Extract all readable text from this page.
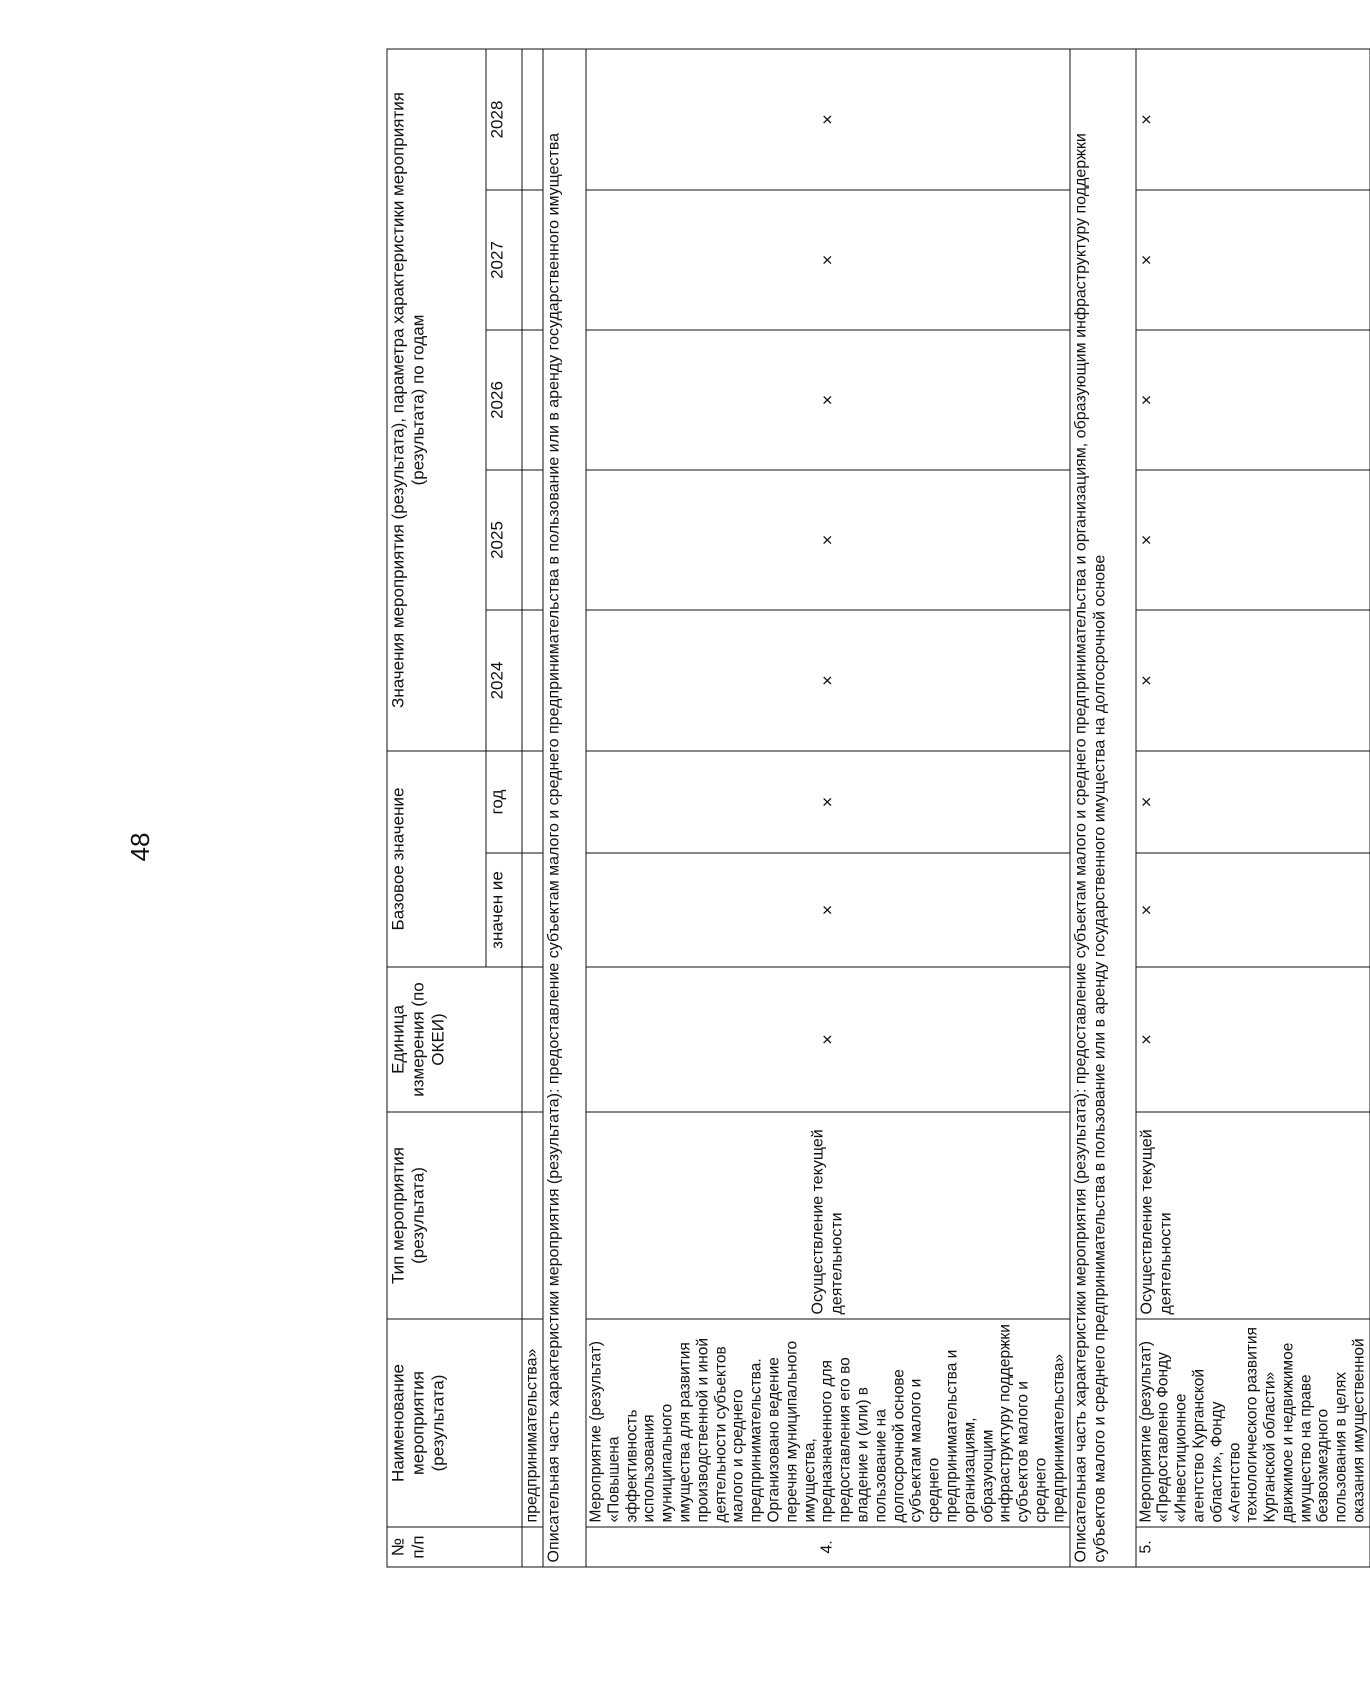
48
№ п/п	Наименование мероприятия (результата)	Тип мероприятия (результата)	Единица измерения (по ОКЕИ)	Базовое значение		Значения мероприятия (результата), параметра характеристики мероприятия (результата) по годам				
				значен ие	год	2024	2025	2026	2027	2028
	предпринимательства»									
Описательная часть характеристики мероприятия (результата): предоставление субъектам малого и среднего предпринимательства в пользование или в аренду государственного имущества										
4.	Мероприятие (результат) «Повышена эффективность использования муниципального имущества для развития производственной и иной деятельности субъектов малого и среднего предпринимательства. Организовано ведение перечня муниципального имущества, предназначенного для предоставления его во владение и (или) в пользование на долгосрочной основе субъектам малого и среднего предпринимательства и организациям, образующим инфраструктуру поддержки субъектов малого и среднего предпринимательства»	Осуществление текущей деятельности	×	×	×	×	×	×	×	×
Описательная часть характеристики мероприятия (результата): предоставление субъектам малого и среднего предпринимательства и организациям, образующим инфраструктуру поддержки субъектов малого и среднего предпринимательства в пользование или в аренду государственного имущества на долгосрочной основе										
5.	Мероприятие (результат) «Предоставлено Фонду «Инвестиционное агентство Курганской области», Фонду «Агентство технологического развития Курганской области» движимое и недвижимое имущество на праве безвозмездного пользования в целях оказания имущественной	Осуществление текущей деятельности	×	×	×	×	×	×	×	×
